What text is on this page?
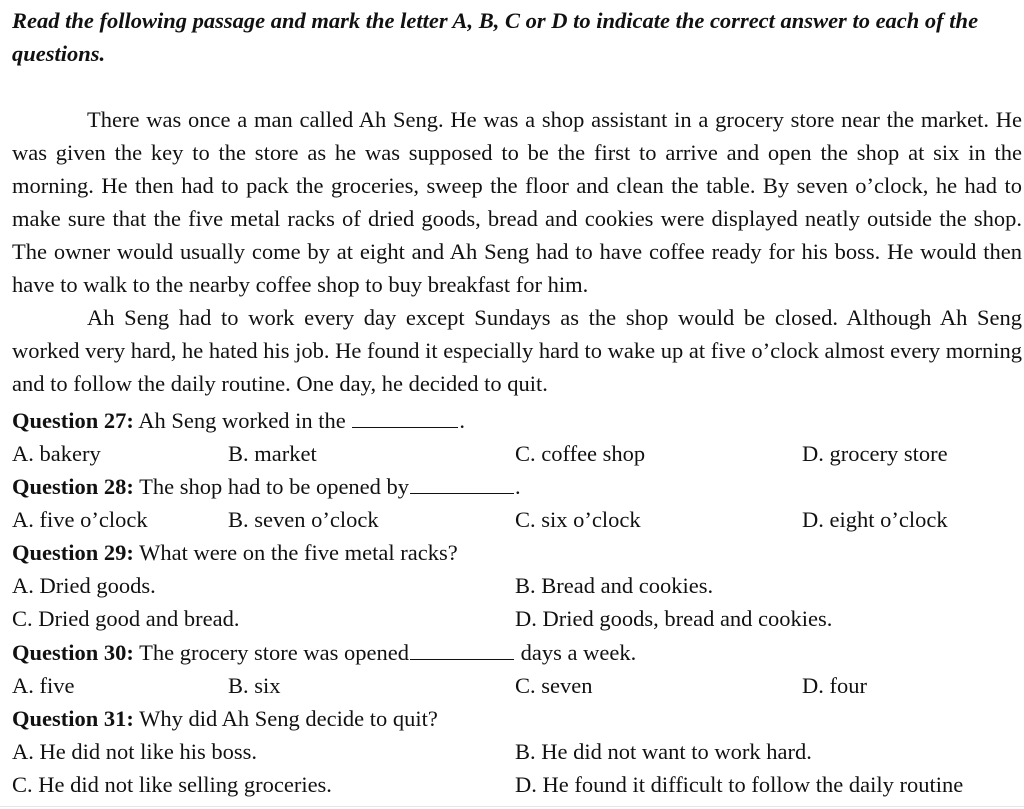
Read the following passage and mark the letter A, B, C or D to indicate the correct answer to each of the questions.

There was once a man called Ah Seng. He was a shop assistant in a grocery store near the market. He was given the key to the store as he was supposed to be the first to arrive and open the shop at six in the morning. He then had to pack the groceries, sweep the floor and clean the table. By seven o’clock, he had to make sure that the five metal racks of dried goods, bread and cookies were displayed neatly outside the shop. The owner would usually come by at eight and Ah Seng had to have coffee ready for his boss. He would then have to walk to the nearby coffee shop to buy breakfast for him.

Ah Seng had to work every day except Sundays as the shop would be closed. Although Ah Seng worked very hard, he hated his job. He found it especially hard to wake up at five o’clock almost every morning and to follow the daily routine. One day, he decided to quit.

Question 27: Ah Seng worked in the	.
A. bakery	B. market	C. coffee shop	D. grocery store
Question 28: The shop had to be opened by	.
A. five o’clock	B. seven o’clock	C. six o’clock	D. eight o’clock
Question 29: What were on the five metal racks?
A. Dried goods.	B. Bread and cookies.
C. Dried good and bread.	D. Dried goods, bread and cookies.
Question 30: The grocery store was opened	days a week.
A. five	B. six	C. seven	D. four
Question 31: Why did Ah Seng decide to quit?
A. He did not like his boss.	B. He did not want to work hard.
C. He did not like selling groceries.	D. He found it difficult to follow the daily routine
